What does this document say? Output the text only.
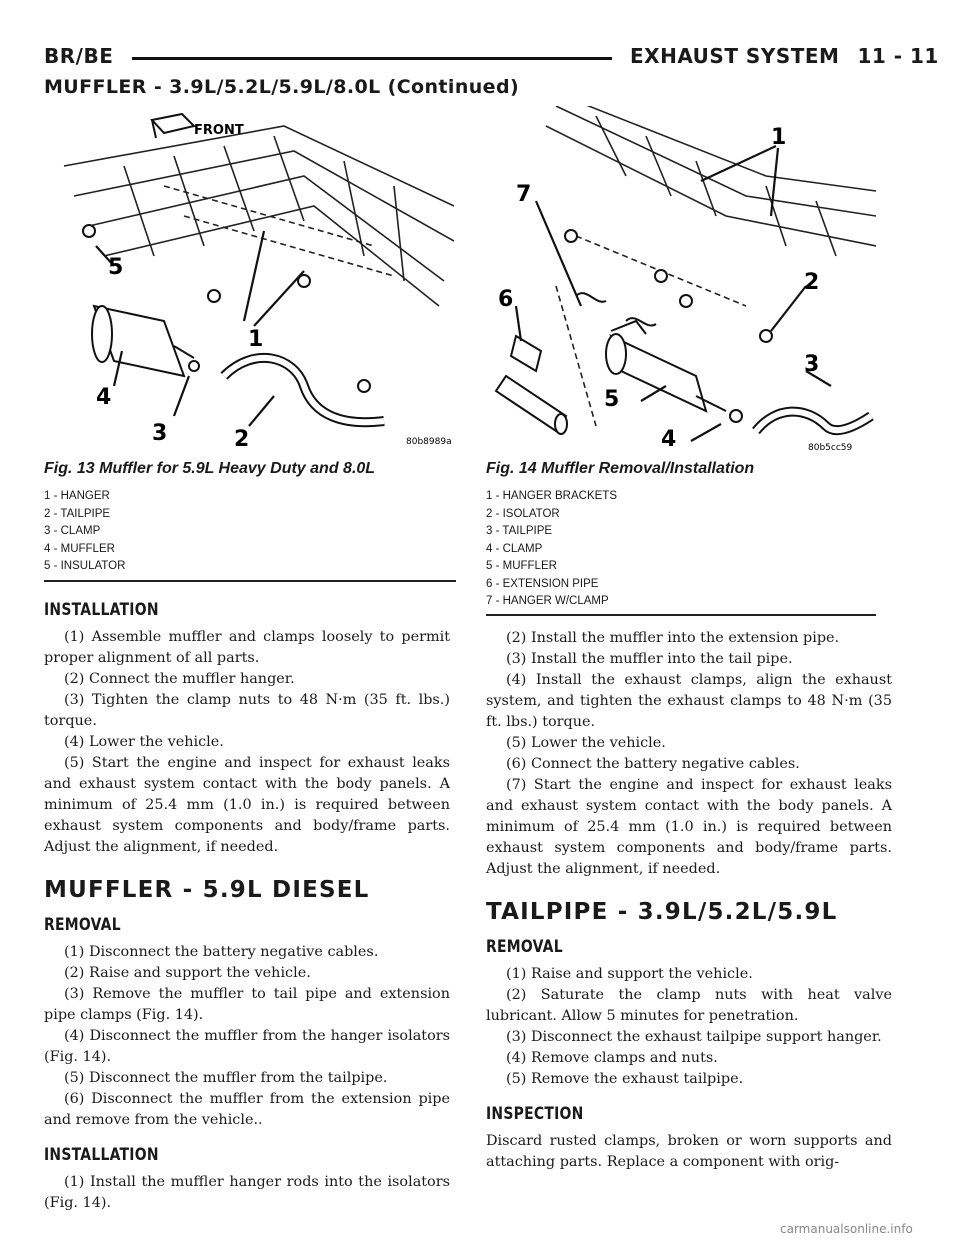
BR/BE	EXHAUST SYSTEM 11 - 11
MUFFLER - 3.9L/5.2L/5.9L/8.0L (Continued)
FRONT
5
1
4
3	2	80b8989a
Fig. 13 Muffler for 5.9L Heavy Duty and 8.0L
1 - HANGER
2 - TAILPIPE
3 - CLAMP
4 - MUFFLER
5 - INSULATOR
1
7
6
2
3
5
4	80b5cc59
Fig. 14 Muffler Removal/Installation
1 - HANGER BRACKETS
2 - ISOLATOR
3 - TAILPIPE
4 - CLAMP
5 - MUFFLER
6 - EXTENSION PIPE
7 - HANGER W/CLAMP
INSTALLATION

(1) Assemble muffler and clamps loosely to permit proper alignment of all parts.

(2) Connect the muffler hanger.

(3) Tighten the clamp nuts to 48 N·m (35 ft. lbs.) torque.

(4) Lower the vehicle.

(5) Start the engine and inspect for exhaust leaks and exhaust system contact with the body panels. A minimum of 25.4 mm (1.0 in.) is required between exhaust system components and body/frame parts. Adjust the alignment, if needed.

MUFFLER - 5.9L DIESEL
REMOVAL

(1) Disconnect the battery negative cables.

(2) Raise and support the vehicle.

(3) Remove the muffler to tail pipe and extension pipe clamps (Fig. 14).

(4) Disconnect the muffler from the hanger isolators (Fig. 14).

(5) Disconnect the muffler from the tailpipe.

(6) Disconnect the muffler from the extension pipe and remove from the vehicle..

INSTALLATION

(1) Install the muffler hanger rods into the isolators (Fig. 14).

(2) Install the muffler into the extension pipe.

(3) Install the muffler into the tail pipe.

(4) Install the exhaust clamps, align the exhaust system, and tighten the exhaust clamps to 48 N·m (35 ft. lbs.) torque.

(5) Lower the vehicle.

(6) Connect the battery negative cables.

(7) Start the engine and inspect for exhaust leaks and exhaust system contact with the body panels. A minimum of 25.4 mm (1.0 in.) is required between exhaust system components and body/frame parts. Adjust the alignment, if needed.

TAILPIPE - 3.9L/5.2L/5.9L
REMOVAL

(1) Raise and support the vehicle.

(2) Saturate the clamp nuts with heat valve lubricant. Allow 5 minutes for penetration.

(3) Disconnect the exhaust tailpipe support hanger.

(4) Remove clamps and nuts.

(5) Remove the exhaust tailpipe.

INSPECTION

Discard rusted clamps, broken or worn supports and attaching parts. Replace a component with orig-

carmanualsonline.info
